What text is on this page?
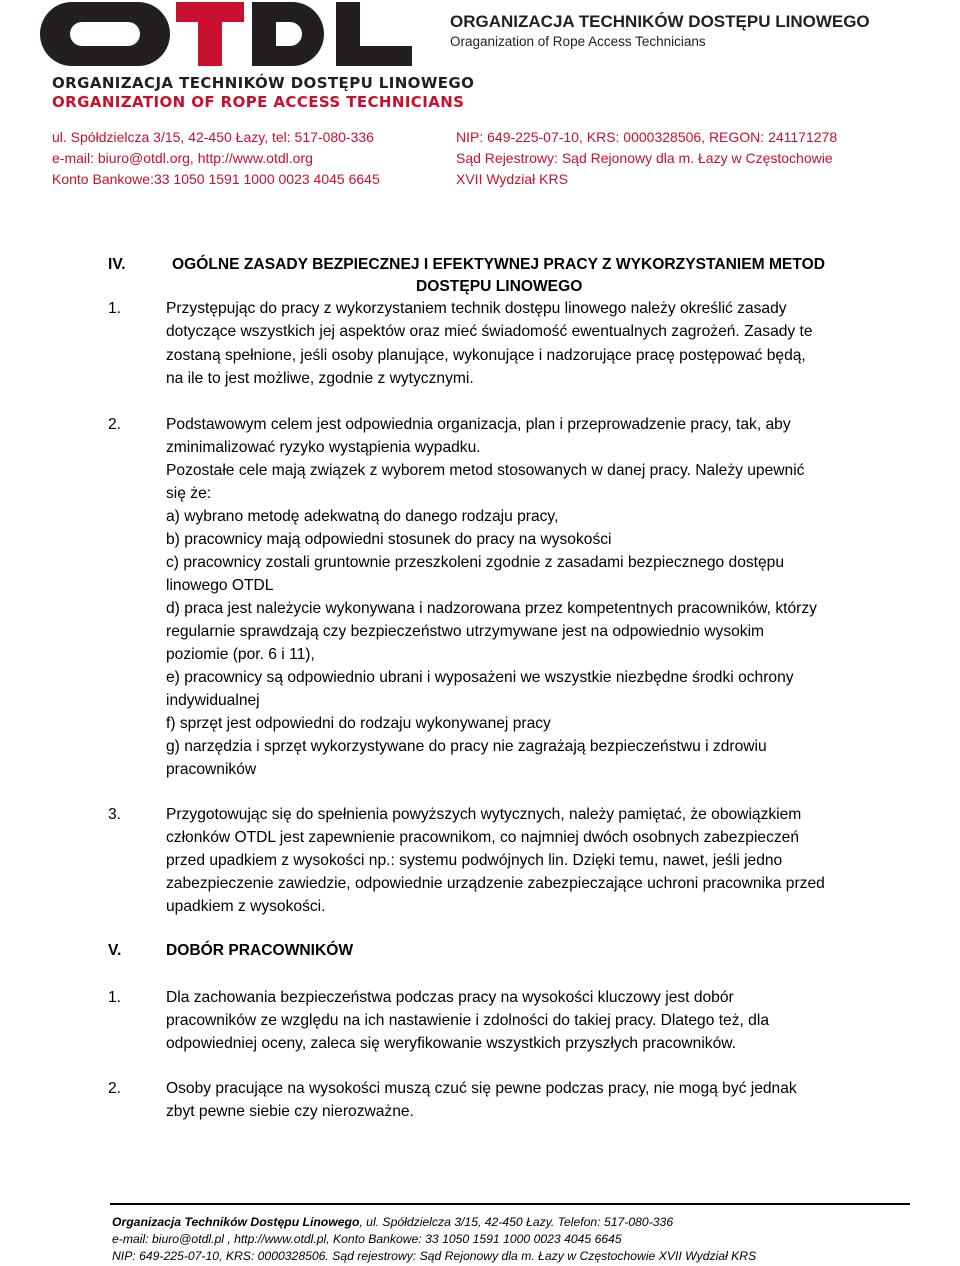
ORGANIZACJA TECHNIKÓW DOSTĘPU LINOWEGO
ORGANIZATION OF ROPE ACCESS TECHNICIANS
ORGANIZACJA TECHNIKÓW DOSTĘPU LINOWEGO
Oraganization of Rope Access Technicians
ul. Spółdzielcza 3/15, 42-450 Łazy, tel: 517-080-336
e-mail: biuro@otdl.org, http://www.otdl.org
Konto Bankowe:33 1050 1591 1000 0023 4045 6645
NIP: 649-225-07-10, KRS: 0000328506, REGON: 241171278
Sąd Rejestrowy: Sąd Rejonowy dla m. Łazy w Częstochowie
XVII Wydział KRS
IV.	OGÓLNE ZASADY BEZPIECZNEJ I EFEKTYWNEJ PRACY Z WYKORZYSTANIEM METOD
DOSTĘPU LINOWEGO
1.	Przystępując do pracy z wykorzystaniem technik dostępu linowego należy określić zasady
dotyczące wszystkich jej aspektów oraz mieć świadomość ewentualnych zagrożeń. Zasady te
zostaną spełnione, jeśli osoby planujące, wykonujące i nadzorujące pracę postępować będą,
na ile to jest możliwe, zgodnie z wytycznymi.
2.	Podstawowym celem jest odpowiednia organizacja, plan i przeprowadzenie pracy, tak, aby
zminimalizować ryzyko wystąpienia wypadku.
Pozostałe cele mają związek z wyborem metod stosowanych w danej pracy. Należy upewnić
się że:
a) wybrano metodę adekwatną do danego rodzaju pracy,
b) pracownicy mają odpowiedni stosunek do pracy na wysokości
c) pracownicy zostali gruntownie przeszkoleni zgodnie z zasadami bezpiecznego dostępu
linowego OTDL
d) praca jest należycie wykonywana i nadzorowana przez kompetentnych pracowników, którzy
regularnie sprawdzają czy bezpieczeństwo utrzymywane jest na odpowiednio wysokim
poziomie (por. 6 i 11),
e) pracownicy są odpowiednio ubrani i wyposażeni we wszystkie niezbędne środki ochrony
indywidualnej
f) sprzęt jest odpowiedni do rodzaju wykonywanej pracy
g) narzędzia i sprzęt wykorzystywane do pracy nie zagrażają bezpieczeństwu i zdrowiu
pracowników
3.	Przygotowując się do spełnienia powyższych wytycznych, należy pamiętać, że obowiązkiem
członków OTDL jest zapewnienie pracownikom, co najmniej dwóch osobnych zabezpieczeń
przed upadkiem z wysokości np.: systemu podwójnych lin. Dzięki temu, nawet, jeśli jedno
zabezpieczenie zawiedzie, odpowiednie urządzenie zabezpieczające uchroni pracownika przed
upadkiem z wysokości.
V.	DOBÓR PRACOWNIKÓW
1.	Dla zachowania bezpieczeństwa podczas pracy na wysokości kluczowy jest dobór
pracowników ze względu na ich nastawienie i zdolności do takiej pracy. Dlatego też, dla
odpowiedniej oceny, zaleca się weryfikowanie wszystkich przyszłych pracowników.
2.	Osoby pracujące na wysokości muszą czuć się pewne podczas pracy, nie mogą być jednak
zbyt pewne siebie czy nierozważne.
Organizacja Techników Dostępu Linowego, ul. Spółdzielcza 3/15, 42-450 Łazy. Telefon: 517-080-336
e-mail: biuro@otdl.pl , http://www.otdl.pl, Konto Bankowe: 33 1050 1591 1000 0023 4045 6645
NIP: 649-225-07-10, KRS: 0000328506. Sąd rejestrowy: Sąd Rejonowy dla m. Łazy w Częstochowie XVII Wydział KRS
